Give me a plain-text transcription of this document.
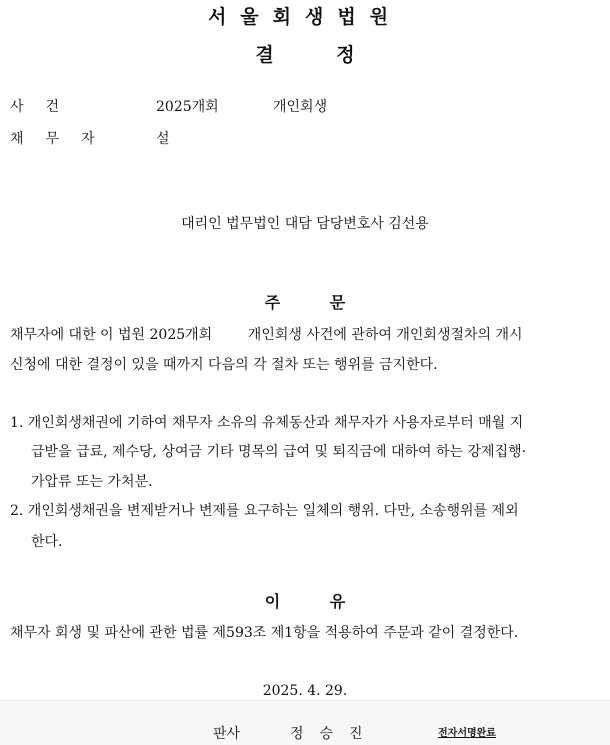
서울회생법원
결 정
사건	2025개회	개인회생
채무자	설
대리인 법무법인 대담 담당변호사 김선용
주 문
채무자에 대한 이 법원 2025개회        개인회생 사건에 관하여 개인회생절차의 개시
신청에 대한 결정이 있을 때까지 다음의 각 절차 또는 행위를 금지한다.
1. 개인회생채권에 기하여 채무자 소유의 유체동산과 채무자가 사용자로부터 매월 지
급받을 급료, 제수당, 상여금 기타 명목의 급여 및 퇴직금에 대하여 하는 강제집행·
가압류 또는 가처분.
2. 개인회생채권을 변제받거나 변제를 요구하는 일체의 행위. 다만, 소송행위를 제외
한다.
이 유
채무자 회생 및 파산에 관한 법률 제593조 제1항을 적용하여 주문과 같이 결정한다.
2025. 4. 29.
판사	정승진	전자서명완료
